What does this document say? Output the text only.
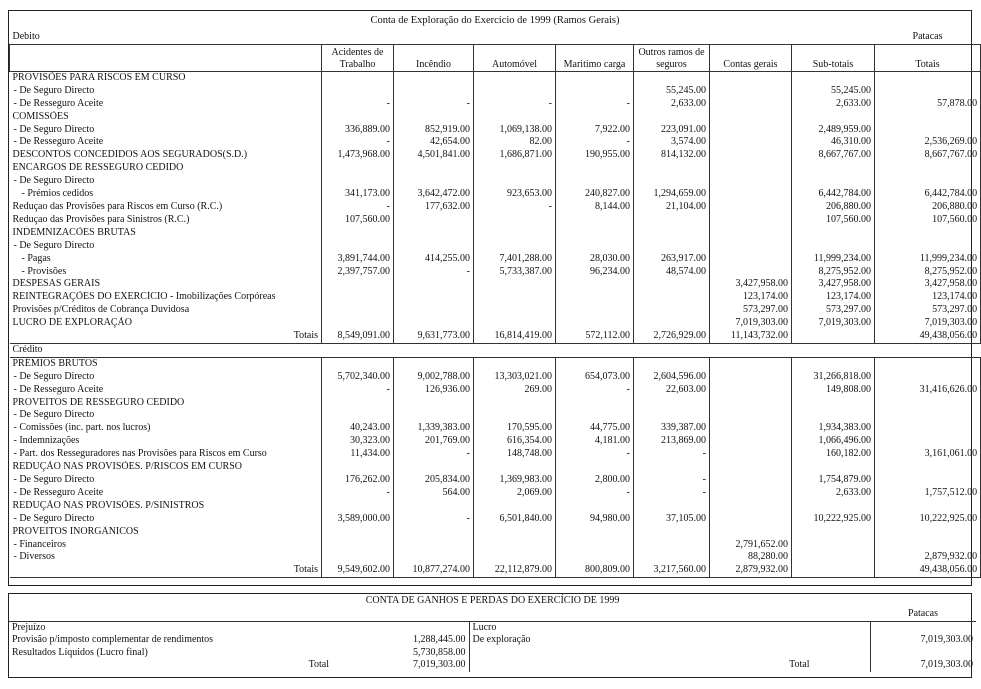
Conta de Exploração do Exercício de 1999 (Ramos Gerais)								
Debito								Patacas
	Acidentes de Trabalho	Incêndio	Automóvel	Maritimo carga	Outros ramos de seguros	Contas gerais	Sub-totais	Totais
PROVISÕES PARA RISCOS EM CURSO								
- De Seguro Directo					55,245.00		55,245.00	
- De Resseguro Aceite	-	-	-	-	2,633.00		2,633.00	57,878.00
COMISSÕES								
- De Seguro Directo	336,889.00	852,919.00	1,069,138.00	7,922.00	223,091.00		2,489,959.00	
- De Resseguro Aceite	-	42,654.00	82.00	-	3,574.00		46,310.00	2,536,269.00
DESCONTOS CONCEDIDOS AOS SEGURADOS(S.D.)	1,473,968.00	4,501,841.00	1,686,871.00	190,955.00	814,132.00		8,667,767.00	8,667,767.00
ENCARGOS DE RESSEGURO CEDIDO								
- De Seguro Directo								
- Prémios cedidos	341,173.00	3,642,472.00	923,653.00	240,827.00	1,294,659.00		6,442,784.00	6,442,784.00
Reduçao das Provisões para Riscos em Curso (R.C.)	-	177,632.00	-	8,144.00	21,104.00		206,880.00	206,880.00
Reduçao das Provisões para Sinistros (R.C.)	107,560.00						107,560.00	107,560.00
INDEMNIZACÕES BRUTAS								
- De Seguro Directo								
- Pagas	3,891,744.00	414,255.00	7,401,288.00	28,030.00	263,917.00		11,999,234.00	11,999,234.00
- Provisões	2,397,757.00	-	5,733,387.00	96,234.00	48,574.00		8,275,952.00	8,275,952.00
DESPESAS GERAIS						3,427,958.00	3,427,958.00	3,427,958.00
REINTEGRAÇÕES DO EXERCÍCIO - Imobilizações Corpóreas						123,174.00	123,174.00	123,174.00
Provisões p/Créditos de Cobrança Duvidosa						573,297.00	573,297.00	573,297.00
LUCRO DE EXPLORAÇÃO						7,019,303.00	7,019,303.00	7,019,303.00
Totais	8,549,091.00	9,631,773.00	16,814,419.00	572,112.00	2,726,929.00	11,143,732.00		49,438,056.00
Crédito								
PRÉMIOS BRUTOS								
- De Seguro Directo	5,702,340.00	9,002,788.00	13,303,021.00	654,073.00	2,604,596.00		31,266,818.00	
- De Resseguro Aceite	-	126,936.00	269.00	-	22,603.00		149,808.00	31,416,626.00
PROVEITOS DE RESSEGURO CEDIDO								
- De Seguro Directo								
- Comissões (inc. part. nos lucros)	40,243.00	1,339,383.00	170,595.00	44,775.00	339,387.00		1,934,383.00	
- Indemnizações	30,323.00	201,769.00	616,354.00	4,181.00	213,869.00		1,066,496.00	
- Part. dos Resseguradores nas Provisões para Riscos em Curso	11,434.00	-	148,748.00	-	-		160,182.00	3,161,061.00
REDUÇÃO NAS PROVISÕES. P/RISCOS EM CURSO								
- De Seguro Directo	176,262.00	205,834.00	1,369,983.00	2,800.00	-		1,754,879.00	
- De Resseguro Aceite	-	564.00	2,069.00	-	-		2,633.00	1,757,512.00
REDUÇÃO NAS PROVISÕES. P/SINISTROS								
- De Seguro Directo	3,589,000.00	-	6,501,840.00	94,980.00	37,105.00		10,222,925.00	10,222,925.00
PROVEITOS INORGÂNICOS								
- Financeiros						2,791,652.00		
- Diversos						88,280.00		2,879,932.00
Totais	9,549,602.00	10,877,274.00	22,112,879.00	800,809.00	3,217,560.00	2,879,932.00		49,438,056.00
CONTA DE GANHOS E PERDAS DO EXERCÍCIO DE 1999				
				Patacas
Prejuízo		Lucro		
Provisão p/imposto complementar de rendimentos	1,288,445.00	De exploração		7,019,303.00
Resultados Líquidos (Lucro final)	5,730,858.00			
Total	7,019,303.00	Total		7,019,303.00
